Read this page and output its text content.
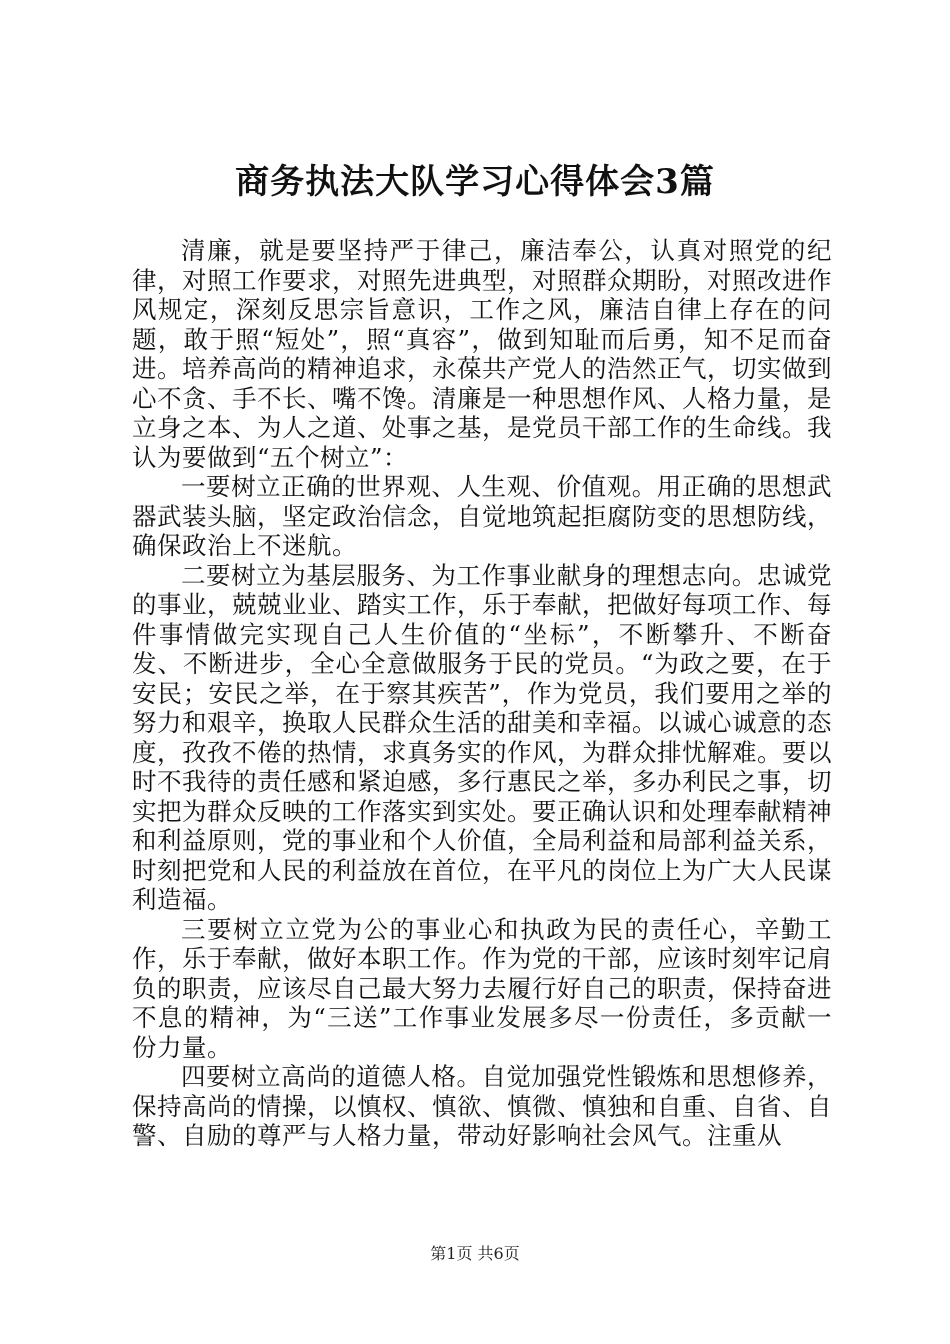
商务执法大队学习心得体会3篇

清廉，就是要坚持严于律己，廉洁奉公，认真对照党的纪律，对照工作要求，对照先进典型，对照群众期盼，对照改进作风规定，深刻反思宗旨意识，工作之风，廉洁自律上存在的问题，敢于照“短处”，照“真容”，做到知耻而后勇，知不足而奋进。培养高尚的精神追求，永葆共产党人的浩然正气，切实做到心不贪、手不长、嘴不馋。清廉是一种思想作风、人格力量，是立身之本、为人之道、处事之基，是党员干部工作的生命线。我认为要做到“五个树立”：

一要树立正确的世界观、人生观、价值观。用正确的思想武器武装头脑，坚定政治信念，自觉地筑起拒腐防变的思想防线，确保政治上不迷航。

二要树立为基层服务、为工作事业献身的理想志向。忠诚党的事业，兢兢业业、踏实工作，乐于奉献，把做好每项工作、每件事情做完实现自己人生价值的“坐标”，不断攀升、不断奋发、不断进步，全心全意做服务于民的党员。“为政之要，在于安民；安民之举，在于察其疾苦”，作为党员，我们要用之举的努力和艰辛，换取人民群众生活的甜美和幸福。以诚心诚意的态度，孜孜不倦的热情，求真务实的作风，为群众排忧解难。要以时不我待的责任感和紧迫感，多行惠民之举，多办利民之事，切实把为群众反映的工作落实到实处。要正确认识和处理奉献精神和利益原则，党的事业和个人价值，全局利益和局部利益关系，时刻把党和人民的利益放在首位，在平凡的岗位上为广大人民谋利造福。

三要树立立党为公的事业心和执政为民的责任心，辛勤工作，乐于奉献，做好本职工作。作为党的干部，应该时刻牢记肩负的职责，应该尽自己最大努力去履行好自己的职责，保持奋进不息的精神，为“三送”工作事业发展多尽一份责任，多贡献一份力量。

四要树立高尚的道德人格。自觉加强党性锻炼和思想修养，保持高尚的情操，以慎权、慎欲、慎微、慎独和自重、自省、自警、自励的尊严与人格力量，带动好影响社会风气。注重从

第1页 共6页
